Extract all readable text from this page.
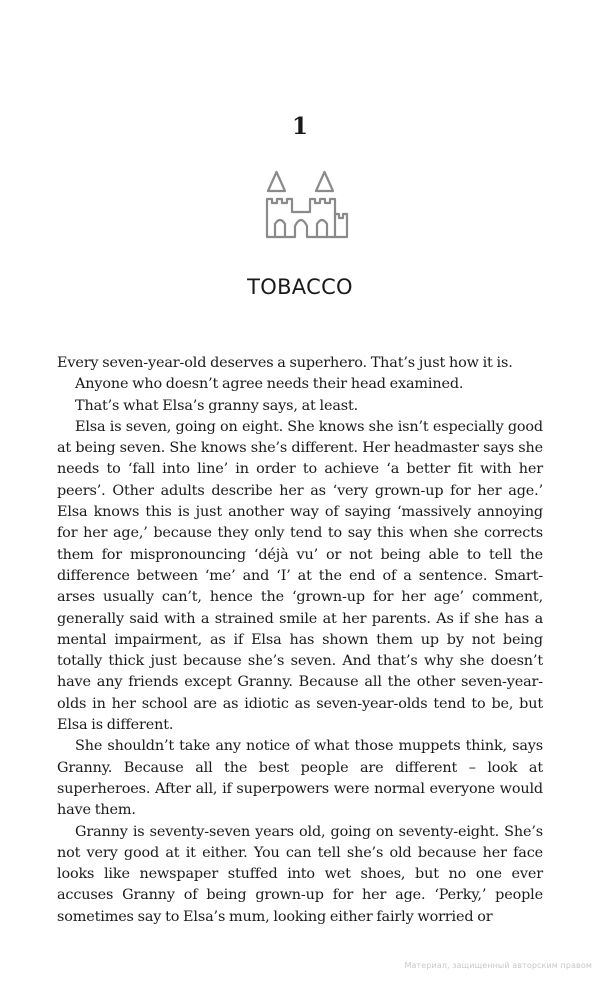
1
TOBACCO

Every seven-year-old deserves a superhero. That’s just how it is.

Anyone who doesn’t agree needs their head examined.

That’s what Elsa’s granny says, at least.

Elsa is seven, going on eight. She knows she isn’t especially good at being seven. She knows she’s different. Her headmaster says she needs to ‘fall into line’ in order to achieve ‘a better fit with her peers’. Other adults describe her as ‘very grown-up for her age.’ Elsa knows this is just another way of saying ‘massively annoying for her age,’ because they only tend to say this when she corrects them for mispronouncing ‘déjà vu’ or not being able to tell the difference between ‘me’ and ‘I’ at the end of a sentence. Smart-arses usually can’t, hence the ‘grown-up for her age’ comment, generally said with a strained smile at her parents. As if she has a mental impairment, as if Elsa has shown them up by not being totally thick just because she’s seven. And that’s why she doesn’t have any friends except Granny. Because all the other seven-year-olds in her school are as idiotic as seven-year-olds tend to be, but Elsa is different.

She shouldn’t take any notice of what those muppets think, says Granny. Because all the best people are different – look at superheroes. After all, if superpowers were normal everyone would have them.

Granny is seventy-seven years old, going on seventy-eight. She’s not very good at it either. You can tell she’s old because her face looks like newspaper stuffed into wet shoes, but no one ever accuses Granny of being grown-up for her age. ‘Perky,’ people sometimes say to Elsa’s mum, looking either fairly worried or

Материал, защищенный авторским правом
